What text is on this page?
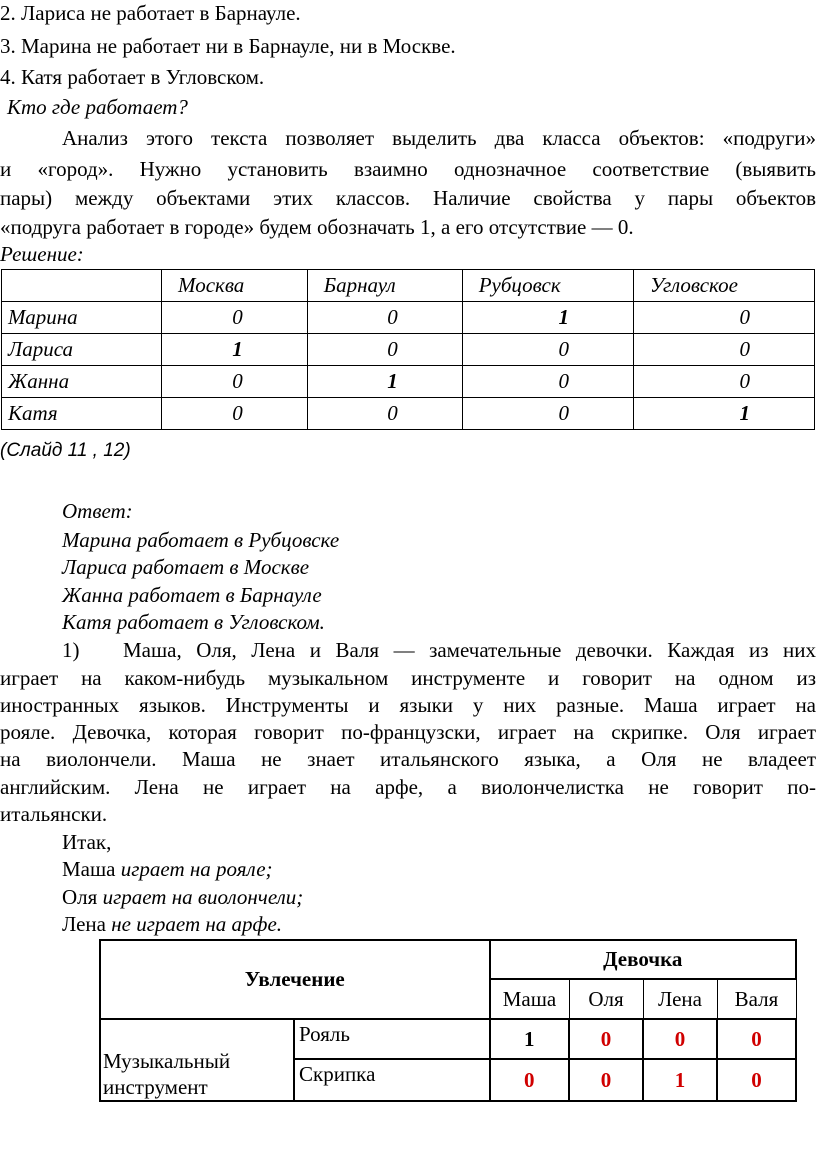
2. Лариса не работает в Барнауле.
3. Марина не работает ни в Барнауле, ни в Москве.
4. Катя работает в Угловском.
Кто где работает?
Анализ этого текста позволяет выделить два класса объектов: «подруги»
и «город». Нужно установить взаимно однозначное соответствие (выявить
пары) между объектами этих классов. Наличие свойства у пары объектов
«подруга работает в городе» будем обозначать 1, а его отсутствие — 0.
Решение:
	Москва	Барнаул	Рубцовск	Угловское
Марина	0	0	1	0
Лариса	1	0	0	0
Жанна	0	1	0	0
Катя	0	0	0	1
(Слайд 11 , 12)
Ответ:
Марина работает в Рубцовске
Лариса работает в Москве
Жанна работает в Барнауле
Катя работает в Угловском.
1)	Маша, Оля, Лена и Валя — замечательные девочки. Каждая из них
играет на каком-нибудь музыкальном инструменте и говорит на одном из
иностранных языков. Инструменты и языки у них разные. Маша играет на
рояле. Девочка, которая говорит по-французски, играет на скрипке. Оля играет
на виолончели. Маша не знает итальянского языка, а Оля не владеет
английским. Лена не играет на арфе, а виолончелистка не говорит по-
итальянски.
Итак,
Маша играет на рояле;
Оля играет на виолончели;
Лена не играет на арфе.
Увлечение		Девочка			
		Маша	Оля	Лена	Валя
Музыкальный инструмент	Рояль	1	0	0	0
	Скрипка	0	0	1	0
